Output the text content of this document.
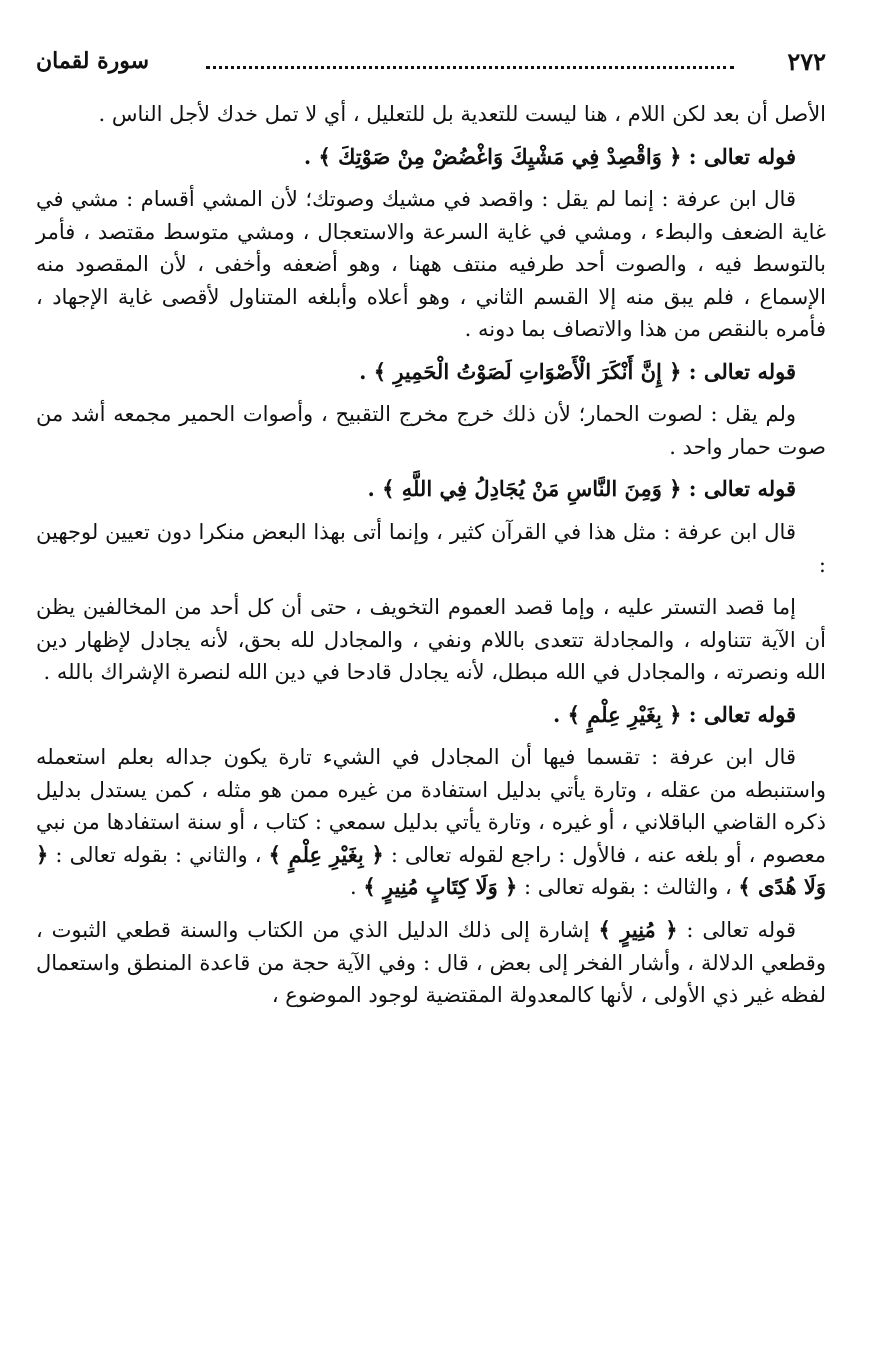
٢٧٢
سورة لقمان

الأصل أن بعد لكن اللام ، هنا ليست للتعدية بل للتعليل ، أي لا تمل خدك لأجل الناس .

فوله تعالى : ﴿ وَاقْصِدْ فِي مَشْيِكَ وَاغْضُضْ مِنْ صَوْتِكَ ﴾ .

قال ابن عرفة : إنما لم يقل : واقصد في مشيك وصوتك؛ لأن المشي أقسام : مشي في غاية الضعف والبطء ، ومشي في غاية السرعة والاستعجال ، ومشي متوسط مقتصد ، فأمر بالتوسط فيه ، والصوت أحد طرفيه منتف ههنا ، وهو أضعفه وأخفى ، لأن المقصود منه الإسماع ، فلم يبق منه إلا القسم الثاني ، وهو أعلاه وأبلغه المتناول لأقصى غاية الإجهاد ، فأمره بالنقص من هذا والاتصاف بما دونه .

قوله تعالى : ﴿ إِنَّ أَنْكَرَ الْأَصْوَاتِ لَصَوْتُ الْحَمِيرِ ﴾ .

ولم يقل : لصوت الحمار؛ لأن ذلك خرج مخرج التقبيح ، وأصوات الحمير مجمعه أشد من صوت حمار واحد .

قوله تعالى : ﴿ وَمِنَ النَّاسِ مَنْ يُجَادِلُ فِي اللَّهِ ﴾ .

قال ابن عرفة : مثل هذا في القرآن كثير ، وإنما أتى بهذا البعض منكرا دون تعيين لوجهين :

إما قصد التستر عليه ، وإما قصد العموم التخويف ، حتى أن كل أحد من المخالفين يظن أن الآية تتناوله ، والمجادلة تتعدى باللام ونفي ، والمجادل لله بحق، لأنه يجادل لإظهار دين الله ونصرته ، والمجادل في الله مبطل، لأنه يجادل قادحا في دين الله لنصرة الإشراك بالله .

قوله تعالى : ﴿ بِغَيْرِ عِلْمٍ ﴾ .

قال ابن عرفة : تقسما فيها أن المجادل في الشيء تارة يكون جداله بعلم استعمله واستنبطه من عقله ، وتارة يأتي بدليل استفادة من غيره ممن هو مثله ، كمن يستدل بدليل ذكره القاضي الباقلاني ، أو غيره ، وتارة يأتي بدليل سمعي : كتاب ، أو سنة استفادها من نبي معصوم ، أو بلغه عنه ، فالأول : راجع لقوله تعالى : ﴿ بِغَيْرِ عِلْمٍ ﴾ ، والثاني : بقوله تعالى : ﴿ وَلَا هُدًى ﴾ ، والثالث : بقوله تعالى : ﴿ وَلَا كِتَابٍ مُنِيرٍ ﴾ .

قوله تعالى : ﴿ مُنِيرٍ ﴾ إشارة إلى ذلك الدليل الذي من الكتاب والسنة قطعي الثبوت ، وقطعي الدلالة ، وأشار الفخر إلى بعض ، قال : وفي الآية حجة من قاعدة المنطق واستعمال لفظه غير ذي الأولى ، لأنها كالمعدولة المقتضية لوجود الموضوع ،
